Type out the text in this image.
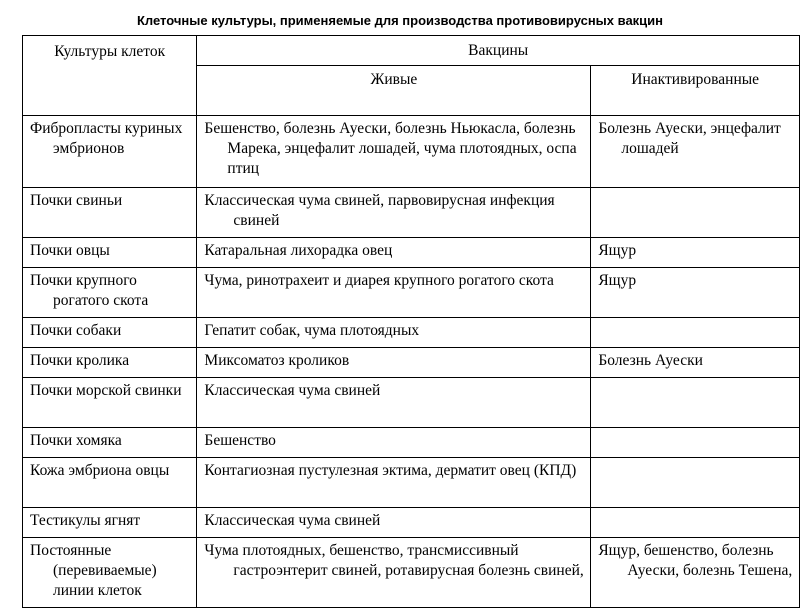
Клеточные культуры, применяемые для производства противовирусных вакцин
Культуры клеток	Вакцины	

	Живые	Инактивированные

Фибропласты куриных эмбрионов	Бешенство, болезнь Ауески, болезнь Ньюкасла, болезнь Марека, энцефалит лошадей, чума плотоядных, оспа птиц	Болезнь Ауески, энцефалит лошадей

Почки свиньи	Классическая чума свиней, парвовирусная инфекция свиней	

Почки овцы	Катаральная лихорадка овец	Ящур

Почки крупного рогатого скота	Чума, ринотрахеит и диарея крупного рогатого скота	Ящур

Почки собаки	Гепатит собак, чума плотоядных	

Почки кролика	Миксоматоз кроликов	Болезнь Ауески

Почки морской свинки	Классическая чума свиней	

Почки хомяка	Бешенство	

Кожа эмбриона овцы	Контагиозная пустулезная эктима, дерматит овец (КПД)	

Тестикулы ягнят	Классическая чума свиней	

Постоянные (перевиваемые) линии клеток	Чума плотоядных, бешенство, трансмиссивный гастроэнтерит свиней, ротавирусная болезнь свиней,	Ящур, бешенство, болезнь Ауески, болезнь Тешена,
